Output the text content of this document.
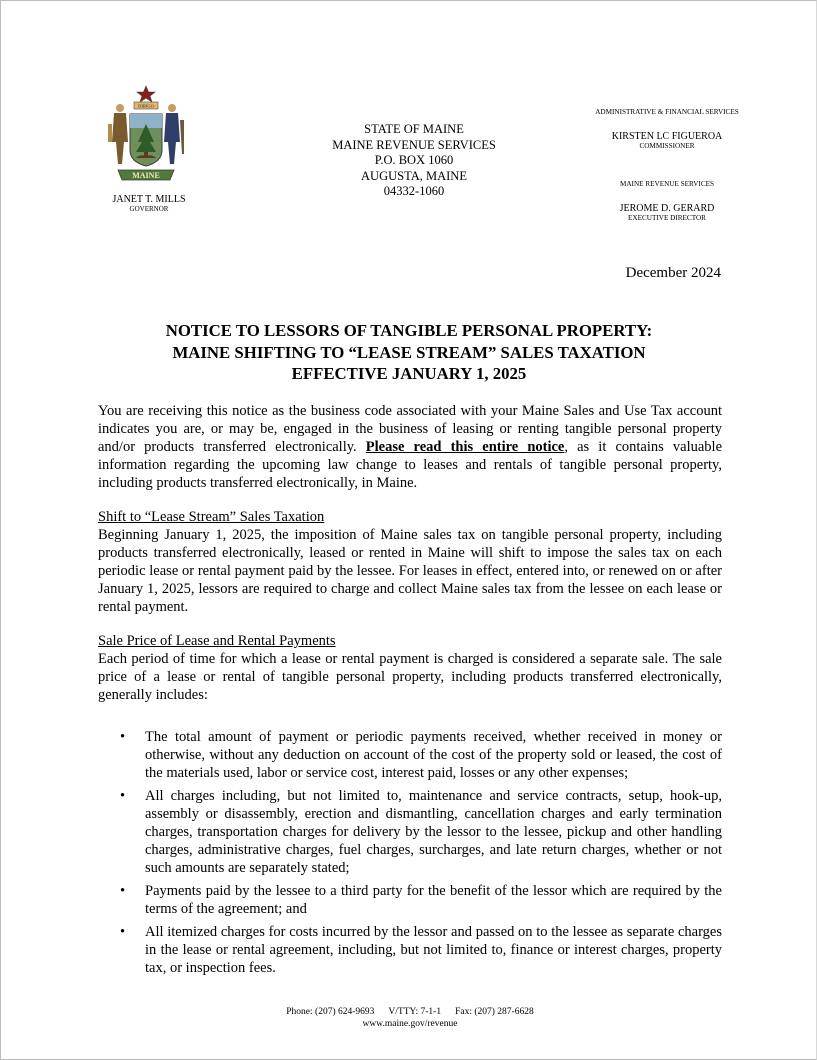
DIRIGO
MAINE
JANET T. MILLS
GOVERNOR
STATE OF MAINE
MAINE REVENUE SERVICES
P.O. BOX 1060
AUGUSTA, MAINE
04332-1060
ADMINISTRATIVE & FINANCIAL SERVICES
KIRSTEN LC FIGUEROA
COMMISSIONER
MAINE REVENUE SERVICES
JEROME D. GERARD
EXECUTIVE DIRECTOR
December 2024
NOTICE TO LESSORS OF TANGIBLE PERSONAL PROPERTY:
MAINE SHIFTING TO “LEASE STREAM” SALES TAXATION
EFFECTIVE JANUARY 1, 2025

You are receiving this notice as the business code associated with your Maine Sales and Use Tax account indicates you are, or may be, engaged in the business of leasing or renting tangible personal property and/or products transferred electronically. Please read this entire notice, as it contains valuable information regarding the upcoming law change to leases and rentals of tangible personal property, including products transferred electronically, in Maine.

Shift to “Lease Stream” Sales Taxation

Beginning January 1, 2025, the imposition of Maine sales tax on tangible personal property, including products transferred electronically, leased or rented in Maine will shift to impose the sales tax on each periodic lease or rental payment paid by the lessee. For leases in effect, entered into, or renewed on or after January 1, 2025, lessors are required to charge and collect Maine sales tax from the lessee on each lease or rental payment.

Sale Price of Lease and Rental Payments

Each period of time for which a lease or rental payment is charged is considered a separate sale. The sale price of a lease or rental of tangible personal property, including products transferred electronically, generally includes:

• The total amount of payment or periodic payments received, whether received in money or otherwise, without any deduction on account of the cost of the property sold or leased, the cost of the materials used, labor or service cost, interest paid, losses or any other expenses;
• All charges including, but not limited to, maintenance and service contracts, setup, hook-up, assembly or disassembly, erection and dismantling, cancellation charges and early termination charges, transportation charges for delivery by the lessor to the lessee, pickup and other handling charges, administrative charges, fuel charges, surcharges, and late return charges, whether or not such amounts are separately stated;
• Payments paid by the lessee to a third party for the benefit of the lessor which are required by the terms of the agreement; and
• All itemized charges for costs incurred by the lessor and passed on to the lessee as separate charges in the lease or rental agreement, including, but not limited to, finance or interest charges, property tax, or inspection fees.
Phone: (207) 624-9693 V/TTY: 7-1-1 Fax: (207) 287-6628
www.maine.gov/revenue
